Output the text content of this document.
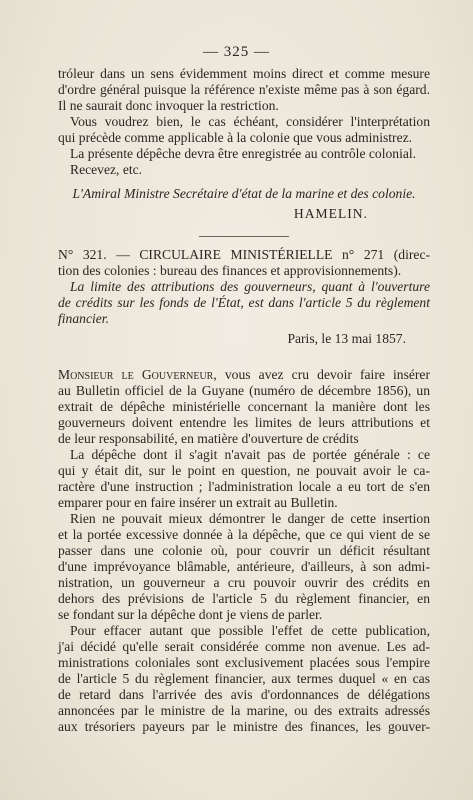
— 325 —
tróleur dans un sens évidemment moins direct et comme mesure
d'ordre général puisque la référence n'existe même pas à son égard.
Il ne saurait donc invoquer la restriction.
Vous voudrez bien, le cas échéant, considérer l'interprétation
qui précède comme applicable à la colonie que vous administrez.
La présente dépêche devra être enregistrée au contrôle colonial.
Recevez, etc.
L'Amiral Ministre Secrétaire d'état de la marine et des colonie.
HAMELIN.
N° 321. — CIRCULAIRE MINISTÉRIELLE n° 271 (direc-
tion des colonies : bureau des finances et approvisionnements).
La limite des attributions des gouverneurs, quant à l'ouverture
de crédits sur les fonds de l'État, est dans l'article 5 du règlement
financier.
Paris, le 13 mai 1857.
Monsieur le Gouverneur, vous avez cru devoir faire insérer
au Bulletin officiel de la Guyane (numéro de décembre 1856), un
extrait de dépêche ministérielle concernant la manière dont les
gouverneurs doivent entendre les limites de leurs attributions et
de leur responsabilité, en matière d'ouverture de crédits
La dépêche dont il s'agit n'avait pas de portée générale : ce
qui y était dit, sur le point en question, ne pouvait avoir le ca-
ractère d'une instruction ; l'administration locale a eu tort de s'en
emparer pour en faire insérer un extrait au Bulletin.
Rien ne pouvait mieux démontrer le danger de cette insertion
et la portée excessive donnée à la dépêche, que ce qui vient de se
passer dans une colonie où, pour couvrir un déficit résultant
d'une imprévoyance blâmable, antérieure, d'ailleurs, à son admi-
nistration, un gouverneur a cru pouvoir ouvrir des crédits en
dehors des prévisions de l'article 5 du règlement financier, en
se fondant sur la dépêche dont je viens de parler.
Pour effacer autant que possible l'effet de cette publication,
j'ai décidé qu'elle serait considérée comme non avenue. Les ad-
ministrations coloniales sont exclusivement placées sous l'empire
de l'article 5 du règlement financier, aux termes duquel « en cas
de retard dans l'arrivée des avis d'ordonnances de délégations
annoncées par le ministre de la marine, ou des extraits adressés
aux trésoriers payeurs par le ministre des finances, les gouver-
